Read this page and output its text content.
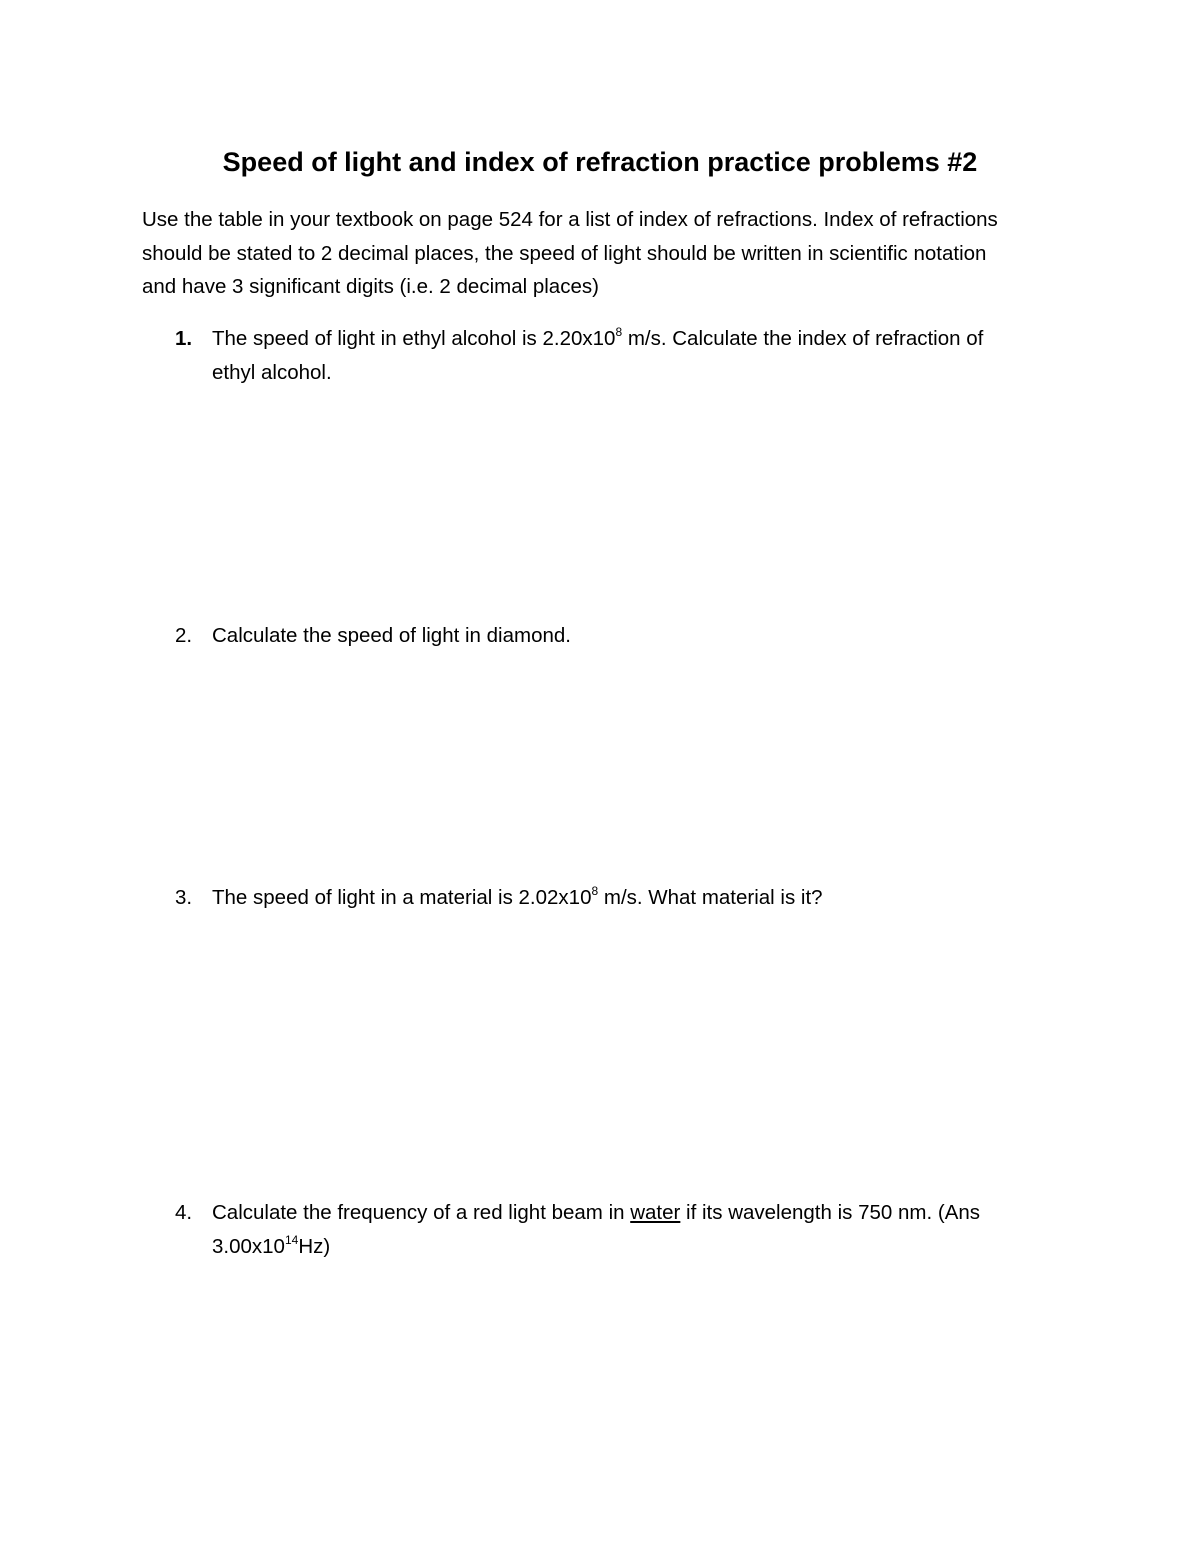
Speed of light and index of refraction practice problems #2

Use the table in your textbook on page 524 for a list of index of refractions. Index of refractions
should be stated to 2 decimal places, the speed of light should be written in scientific notation
and have 3 significant digits (i.e. 2 decimal places)

1. The speed of light in ethyl alcohol is $2.20x10^8$ m/s. Calculate the index of refraction of
ethyl alcohol.
2. Calculate the speed of light in diamond.
3. The speed of light in a material is $2.02x10^8$ m/s. What material is it?
4. Calculate the frequency of a red light beam in water if its wavelength is 750 nm. (Ans
$3.00x10^{14}Hz$)
